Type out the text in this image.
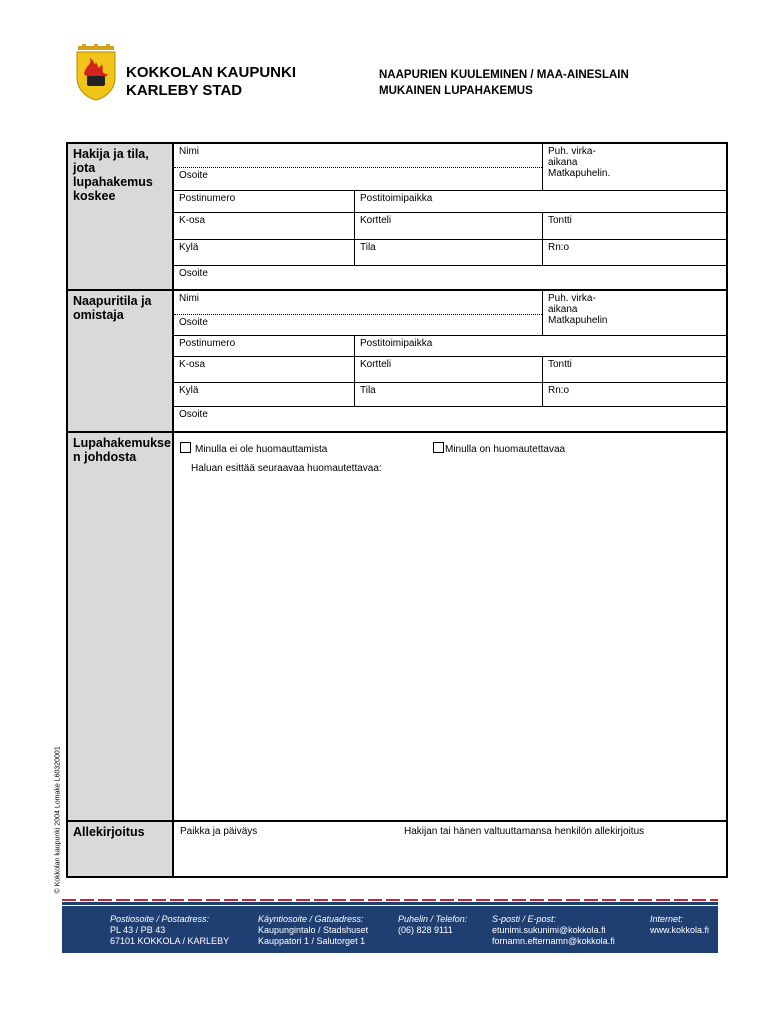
KOKKOLAN KAUPUNKI
KARLEBY STAD
NAAPURIEN KUULEMINEN / MAA-AINESLAIN
MUKAINEN LUPAHAKEMUS
© Kokkolan kaupunki 2004 Lomake L60320001
Hakija ja tila, jota lupahakemus koskee
Nimi
Osoite
Puh. virka-aikana
Matkapuhelin.
Postinumero	Postitoimipaikka
K-osa	Kortteli	Tontti
Kylä	Tila	Rn:o
Osoite
Naapuritila ja omistaja
Nimi
Osoite
Puh. virka-aikana
Matkapuhelin
Postinumero	Postitoimipaikka
K-osa	Kortteli	Tontti
Kylä	Tila	Rn:o
Osoite
Lupahakemuksen johdosta
Minulla ei ole huomauttamista	Minulla on huomautettavaa
Haluan esittää seuraavaa huomautettavaa:
Allekirjoitus	Paikka ja päiväys	Hakijan tai hänen valtuuttamansa henkilön allekirjoitus
Postiosoite / Postadress:
PL 43 / PB 43
67101 KOKKOLA / KARLEBY
Käyntiosoite / Gatuadress:
Kaupungintalo / Stadshuset
Kauppatori 1 / Salutorget 1
Puhelin / Telefon:
(06) 828 9111
S-posti / E-post:
etunimi.sukunimi@kokkola.fi
fornamn.efternamn@kokkola.fi
Internet:
www.kokkola.fi
